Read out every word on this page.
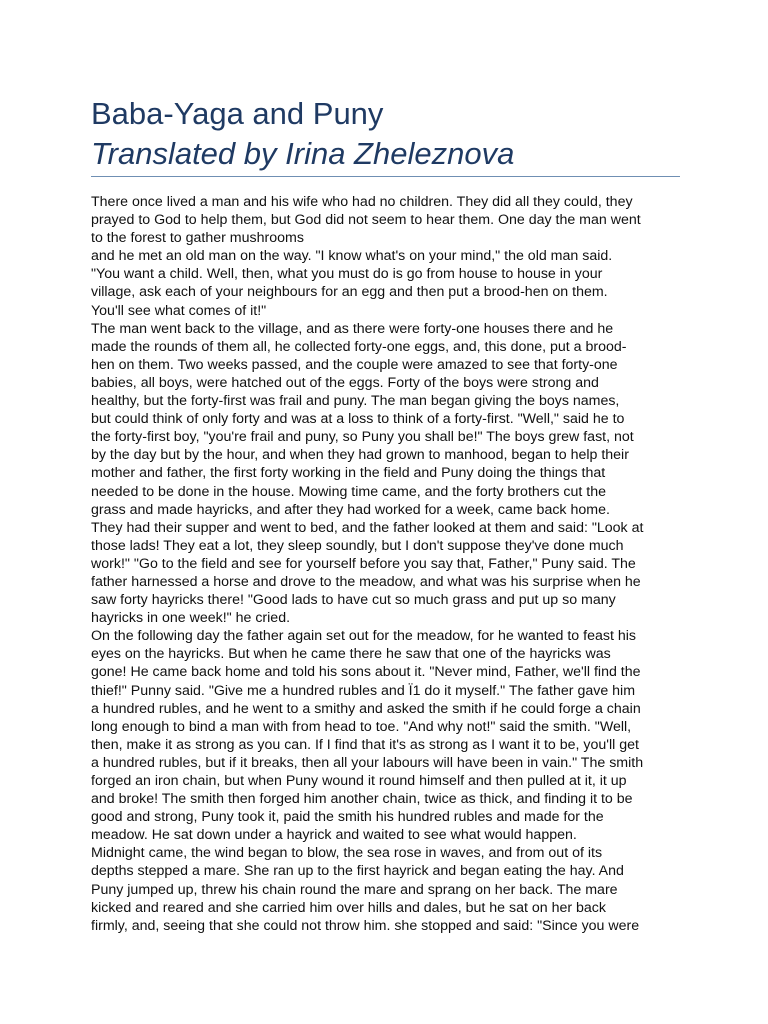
Baba-Yaga and Puny
Translated by Irina Zheleznova

There once lived a man and his wife who had no children. They did all they could, they
prayed to God to help them, but God did not seem to hear them. One day the man went
to the forest to gather mushrooms

and he met an old man on the way. "I know what's on your mind," the old man said.
"You want a child. Well, then, what you must do is go from house to house in your
village, ask each of your neighbours for an egg and then put a brood-hen on them.
You'll see what comes of it!"

The man went back to the village, and as there were forty-one houses there and he
made the rounds of them all, he collected forty-one eggs, and, this done, put a brood-
hen on them. Two weeks passed, and the couple were amazed to see that forty-one
babies, all boys, were hatched out of the eggs. Forty of the boys were strong and
healthy, but the forty-first was frail and puny. The man began giving the boys names,
but could think of only forty and was at a loss to think of a forty-first. "Well," said he to
the forty-first boy, "you're frail and puny, so Puny you shall be!" The boys grew fast, not
by the day but by the hour, and when they had grown to manhood, began to help their
mother and father, the first forty working in the field and Puny doing the things that
needed to be done in the house. Mowing time came, and the forty brothers cut the
grass and made hayricks, and after they had worked for a week, came back home.
They had their supper and went to bed, and the father looked at them and said: "Look at
those lads! They eat a lot, they sleep soundly, but I don't suppose they've done much
work!" "Go to the field and see for yourself before you say that, Father," Puny said. The
father harnessed a horse and drove to the meadow, and what was his surprise when he
saw forty hayricks there! "Good lads to have cut so much grass and put up so many
hayricks in one week!" he cried.

On the following day the father again set out for the meadow, for he wanted to feast his
eyes on the hayricks. But when he came there he saw that one of the hayricks was
gone! He came back home and told his sons about it. "Never mind, Father, we'll find the
thief!" Punny said. "Give me a hundred rubles and Ï1 do it myself." The father gave him
a hundred rubles, and he went to a smithy and asked the smith if he could forge a chain
long enough to bind a man with from head to toe. "And why not!" said the smith. "Well,
then, make it as strong as you can. If I find that it's as strong as I want it to be, you'll get
a hundred rubles, but if it breaks, then all your labours will have been in vain." The smith
forged an iron chain, but when Puny wound it round himself and then pulled at it, it up
and broke! The smith then forged him another chain, twice as thick, and finding it to be
good and strong, Puny took it, paid the smith his hundred rubles and made for the
meadow. He sat down under a hayrick and waited to see what would happen.

Midnight came, the wind began to blow, the sea rose in waves, and from out of its
depths stepped a mare. She ran up to the first hayrick and began eating the hay. And
Puny jumped up, threw his chain round the mare and sprang on her back. The mare
kicked and reared and she carried him over hills and dales, but he sat on her back
firmly, and, seeing that she could not throw him. she stopped and said: "Since you were
